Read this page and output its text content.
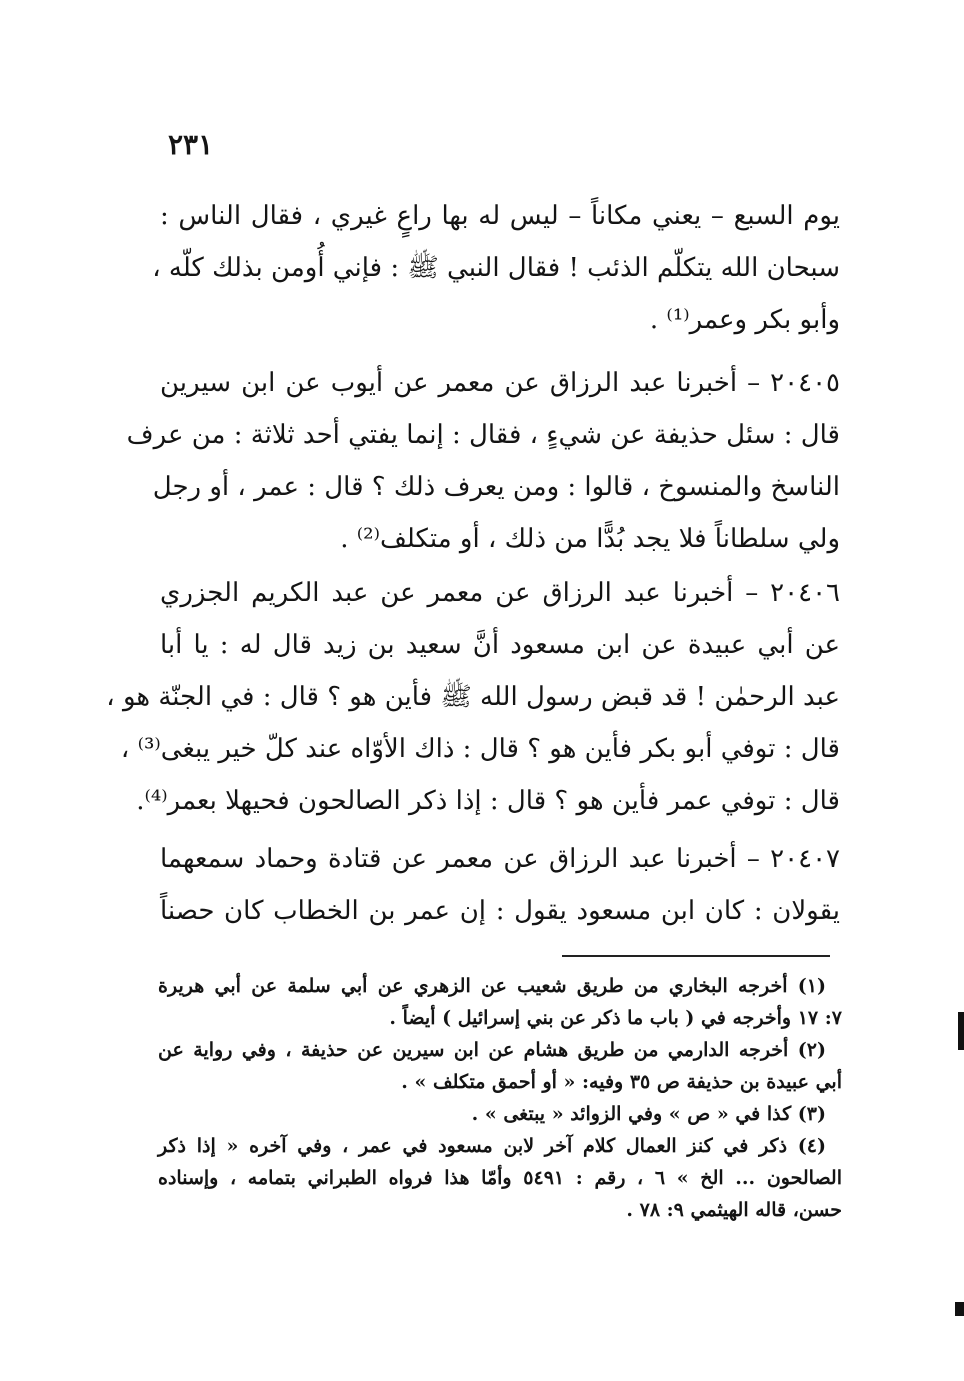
٢٣١
يوم السبع – يعني مكاناً – ليس له بها راعٍ غيري ، فقال الناس :
سبحان الله يتكلّم الذئب ! فقال النبي ﷺ : فإني أُومن بذلك كلّه ،
وأبو بكر وعمر⁽¹⁾ .
٢٠٤٠٥ – أخبرنا عبد الرزاق عن معمر عن أيوب عن ابن سيرين
قال : سئل حذيفة عن شيءٍ ، فقال : إنما يفتي أحد ثلاثة : من عرف
الناسخ والمنسوخ ، قالوا : ومن يعرف ذلك ؟ قال : عمر ، أو رجل
ولي سلطاناً فلا يجد بُدًّا من ذلك ، أو متكلف⁽²⁾ .
٢٠٤٠٦ – أخبرنا عبد الرزاق عن معمر عن عبد الكريم الجزري
عن أبي عبيدة عن ابن مسعود أنَّ سعيد بن زيد قال له : يا أبا
عبد الرحمٰن ! قد قبض رسول الله ﷺ فأين هو ؟ قال : في الجنّة هو ،
قال : توفي أبو بكر فأين هو ؟ قال : ذاك الأوّاه عند كلّ خير يبغى⁽³⁾ ،
قال : توفي عمر فأين هو ؟ قال : إذا ذكر الصالحون فحيهلا بعمر⁽⁴⁾.
٢٠٤٠٧ – أخبرنا عبد الرزاق عن معمر عن قتادة وحماد سمعهما
يقولان : كان ابن مسعود يقول : إن عمر بن الخطاب كان حصناً
(١) أخرجه البخاري من طريق شعيب عن الزهري عن أبي سلمة عن أبي هريرة
٧: ١٧ وأخرجه في ( باب ما ذكر عن بني إسرائيل ) أيضاً .
(٢) أخرجه الدارمي من طريق هشام عن ابن سيرين عن حذيفة ، وفي رواية عن
أبي عبيدة بن حذيفة ص ٣٥ وفيه: « أو أحمق متكلف » .
(٣) كذا في « ص » وفي الزوائد « يبتغى » .
(٤) ذكر في كنز العمال كلام آخر لابن مسعود في عمر ، وفي آخره « إذا ذكر
الصالحون ... الخ » ٦ ، رقم : ٥٤٩١ وأمّا هذا فرواه الطبراني بتمامه ، وإسناده
حسن، قاله الهيثمي ٩: ٧٨ .
